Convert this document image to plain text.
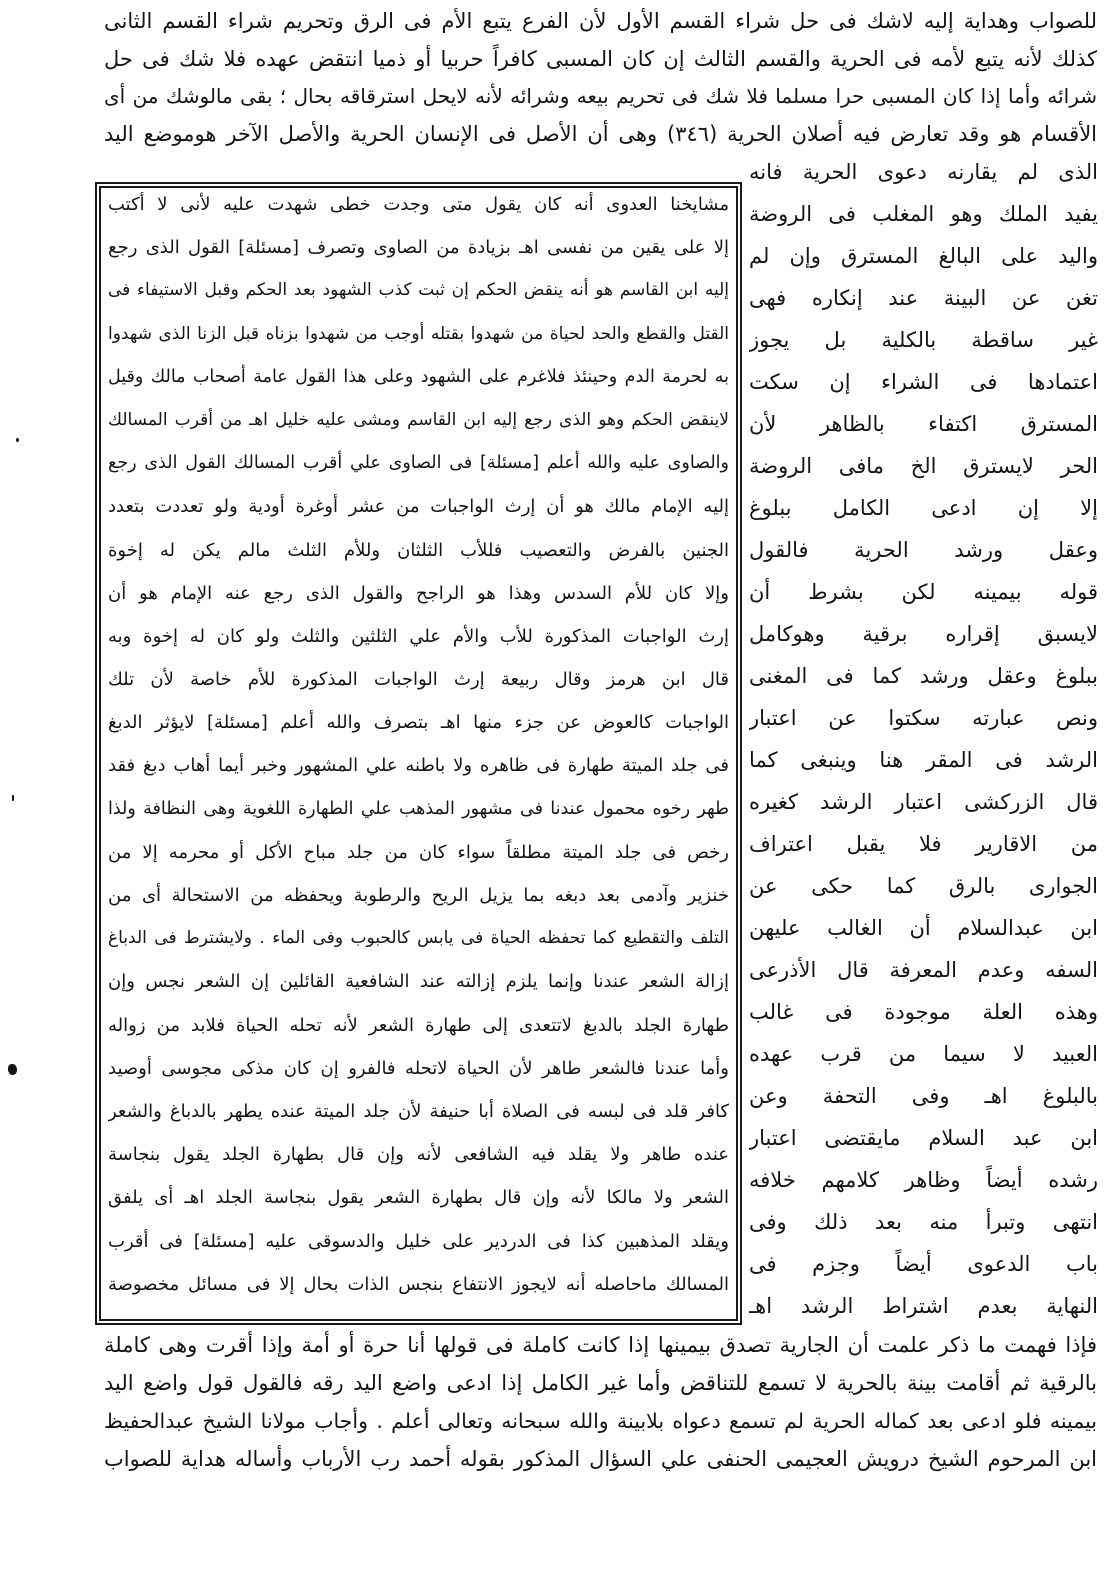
للصواب وهداية إليه لاشك فى حل شراء القسم الأول لأن الفرع يتبع الأم فى الرق وتحريم شراء القسم الثانى
كذلك لأنه يتبع لأمه فى الحرية والقسم الثالث إن كان المسبى كافراً حربيا أو ذميا انتقض عهده فلا شك فى حل
شرائه وأما إذا كان المسبى حرا مسلما فلا شك فى تحريم بيعه وشرائه لأنه لايحل استرقاقه بحال ؛ بقى مالوشك من أى
الأقسام هو وقد تعارض فيه أصلان الحرية (٣٤٦) وهى أن الأصل فى الإنسان الحرية والأصل الآخر هوموضع اليد
الذى لم يقارنه دعوى الحرية فانه
يفيد الملك وهو المغلب فى الروضة
واليد على البالغ المسترق وإن لم
تغن عن البينة عند إنكاره فهى
غير ساقطة بالكلية بل يجوز
اعتمادها فى الشراء إن سكت
المسترق اكتفاء بالظاهر لأن
الحر لايسترق الخ مافى الروضة
إلا إن ادعى الكامل ببلوغ
وعقل ورشد الحرية فالقول
قوله بيمينه لكن بشرط أن
لايسبق إقراره برقية وهوكامل
ببلوغ وعقل ورشد كما فى المغنى
ونص عبارته سكتوا عن اعتبار
الرشد فى المقر هنا وينبغى كما
قال الزركشى اعتبار الرشد كغيره
من الاقارير فلا يقبل اعتراف
الجوارى بالرق كما حكى عن
ابن عبدالسلام أن الغالب عليهن
السفه وعدم المعرفة قال الأذرعى
وهذه العلة موجودة فى غالب
العبيد لا سيما من قرب عهده
بالبلوغ اهـ وفى التحفة وعن
ابن عبد السلام مايقتضى اعتبار
رشده أيضاً وظاهر كلامهم خلافه
انتهى وتبرأ منه بعد ذلك وفى
باب الدعوى أيضاً وجزم فى
النهاية بعدم اشتراط الرشد اهـ
مشايخنا العدوى أنه كان يقول متى وجدت خطى شهدت عليه لأنى لا أكتب
إلا على يقين من نفسى اهـ بزيادة من الصاوى وتصرف [مسئلة] القول الذى رجع
إليه ابن القاسم هو أنه ينقض الحكم إن ثبت كذب الشهود بعد الحكم وقبل الاستيفاء فى
القتل والقطع والحد لحياة من شهدوا بقتله أوجب من شهدوا بزناه قبل الزنا الذى شهدوا
به لحرمة الدم وحينئذ فلاغرم على الشهود وعلى هذا القول عامة أصحاب مالك وقيل
لاينقض الحكم وهو الذى رجع إليه ابن القاسم ومشى عليه خليل اهـ من أقرب المسالك
والصاوى عليه والله أعلم [مسئلة] فى الصاوى علي أقرب المسالك القول الذى رجع
إليه الإمام مالك هو أن إرث الواجبات من عشر أوغرة أودية ولو تعددت بتعدد
الجنين بالفرض والتعصيب فللأب الثلثان وللأم الثلث مالم يكن له إخوة
وإلا كان للأم السدس وهذا هو الراجح والقول الذى رجع عنه الإمام هو أن
إرث الواجبات المذكورة للأب والأم علي الثلثين والثلث ولو كان له إخوة وبه
قال ابن هرمز وقال ربيعة إرث الواجبات المذكورة للأم خاصة لأن تلك
الواجبات كالعوض عن جزء منها اهـ بتصرف والله أعلم [مسئلة] لايؤثر الدبغ
فى جلد الميتة طهارة فى ظاهره ولا باطنه علي المشهور وخبر أيما أهاب دبغ فقد
طهر رخوه محمول عندنا فى مشهور المذهب علي الطهارة اللغوية وهى النظافة ولذا
رخص فى جلد الميتة مطلقاً سواء كان من جلد مباح الأكل أو محرمه إلا من
خنزير وآدمى بعد دبغه بما يزيل الريح والرطوبة ويحفظه من الاستحالة أى من
التلف والتقطيع كما تحفظه الحياة فى يابس كالحبوب وفى الماء . ولايشترط فى الدباغ
إزالة الشعر عندنا وإنما يلزم إزالته عند الشافعية القائلين إن الشعر نجس وإن
طهارة الجلد بالدبغ لاتتعدى إلى طهارة الشعر لأنه تحله الحياة فلابد من زواله
وأما عندنا فالشعر طاهر لأن الحياة لاتحله فالفرو إن كان مذكى مجوسى أوصيد
كافر قلد فى لبسه فى الصلاة أبا حنيفة لأن جلد الميتة عنده يطهر بالدباغ والشعر
عنده طاهر ولا يقلد فيه الشافعى لأنه وإن قال بطهارة الجلد يقول بنجاسة
الشعر ولا مالكا لأنه وإن قال بطهارة الشعر يقول بنجاسة الجلد اهـ أى يلفق
ويقلد المذهبين كذا فى الدردير على خليل والدسوقى عليه [مسئلة] فى أقرب
المسالك ماحاصله أنه لايجوز الانتفاع بنجس الذات بحال إلا فى مسائل مخصوصة
فإذا فهمت ما ذكر علمت أن الجارية تصدق بيمينها إذا كانت كاملة فى قولها أنا حرة أو أمة وإذا أقرت وهى كاملة
بالرقية ثم أقامت بينة بالحرية لا تسمع للتناقض وأما غير الكامل إذا ادعى واضع اليد رقه فالقول قول واضع اليد
بيمينه فلو ادعى بعد كماله الحرية لم تسمع دعواه بلابينة والله سبحانه وتعالى أعلم . وأجاب مولانا الشيخ عبدالحفيظ
ابن المرحوم الشيخ درويش العجيمى الحنفى علي السؤال المذكور بقوله أحمد رب الأرباب وأساله هداية للصواب
